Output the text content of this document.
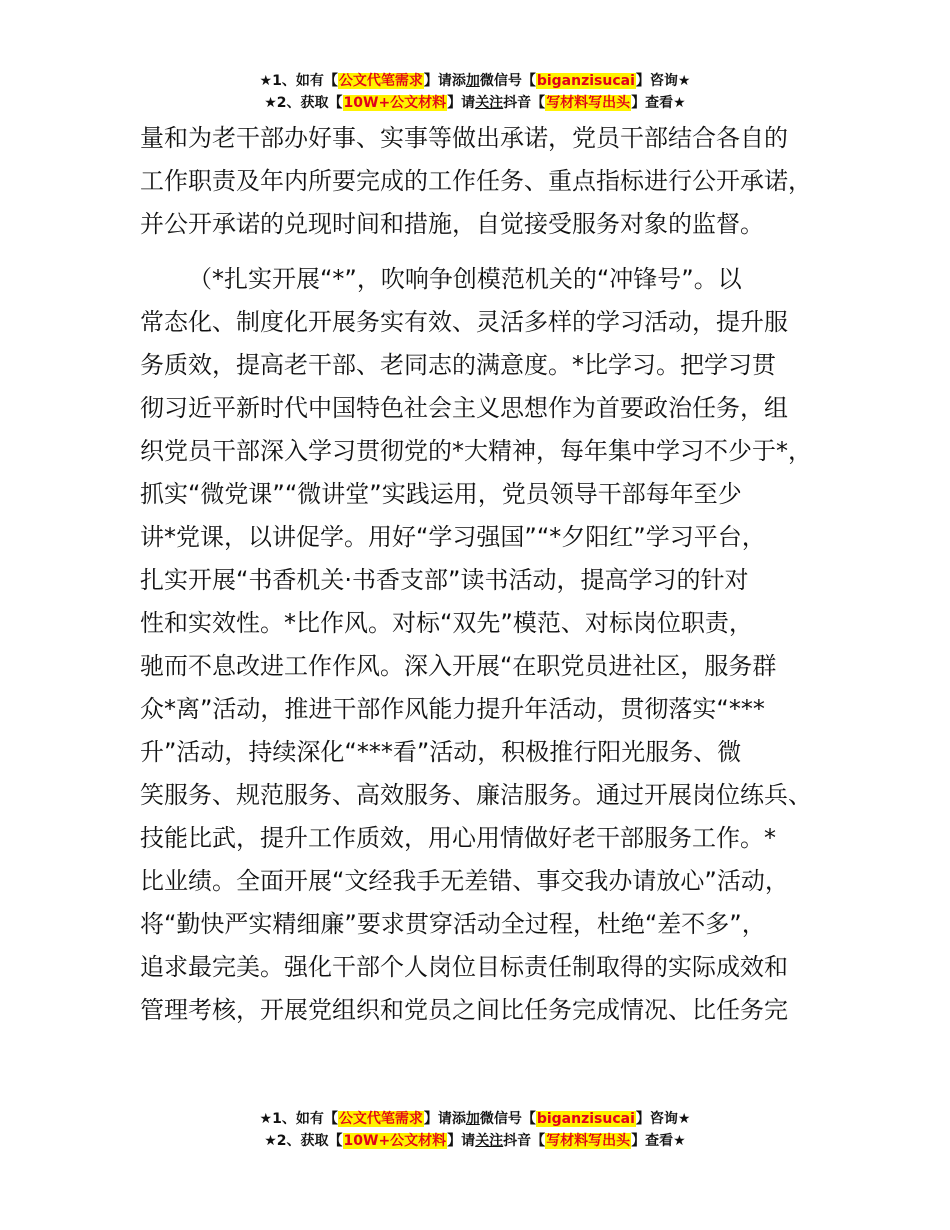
★1、如有【公文代笔需求】请添加微信号【biganzisucai】咨询★
★2、获取【10W+公文材料】请关注抖音【写材料写出头】查看★

量和为老干部办好事、实事等做出承诺，党员干部结合各自的
工作职责及年内所要完成的工作任务、重点指标进行公开承诺，
并公开承诺的兑现时间和措施，自觉接受服务对象的监督。

（*扎实开展“*”，吹响争创模范机关的“冲锋号”。以
常态化、制度化开展务实有效、灵活多样的学习活动，提升服
务质效，提高老干部、老同志的满意度。*比学习。把学习贯
彻习近平新时代中国特色社会主义思想作为首要政治任务，组
织党员干部深入学习贯彻党的*大精神，每年集中学习不少于*，
抓实“微党课”“微讲堂”实践运用，党员领导干部每年至少
讲*党课，以讲促学。用好“学习强国”“*夕阳红”学习平台，
扎实开展“书香机关·书香支部”读书活动，提高学习的针对
性和实效性。*比作风。对标“双先”模范、对标岗位职责，
驰而不息改进工作作风。深入开展“在职党员进社区，服务群
众*离”活动，推进干部作风能力提升年活动，贯彻落实“***
升”活动，持续深化“***看”活动，积极推行阳光服务、微
笑服务、规范服务、高效服务、廉洁服务。通过开展岗位练兵、
技能比武，提升工作质效，用心用情做好老干部服务工作。*
比业绩。全面开展“文经我手无差错、事交我办请放心”活动，
将“勤快严实精细廉”要求贯穿活动全过程，杜绝“差不多”，
追求最完美。强化干部个人岗位目标责任制取得的实际成效和
管理考核，开展党组织和党员之间比任务完成情况、比任务完

★1、如有【公文代笔需求】请添加微信号【biganzisucai】咨询★
★2、获取【10W+公文材料】请关注抖音【写材料写出头】查看★
